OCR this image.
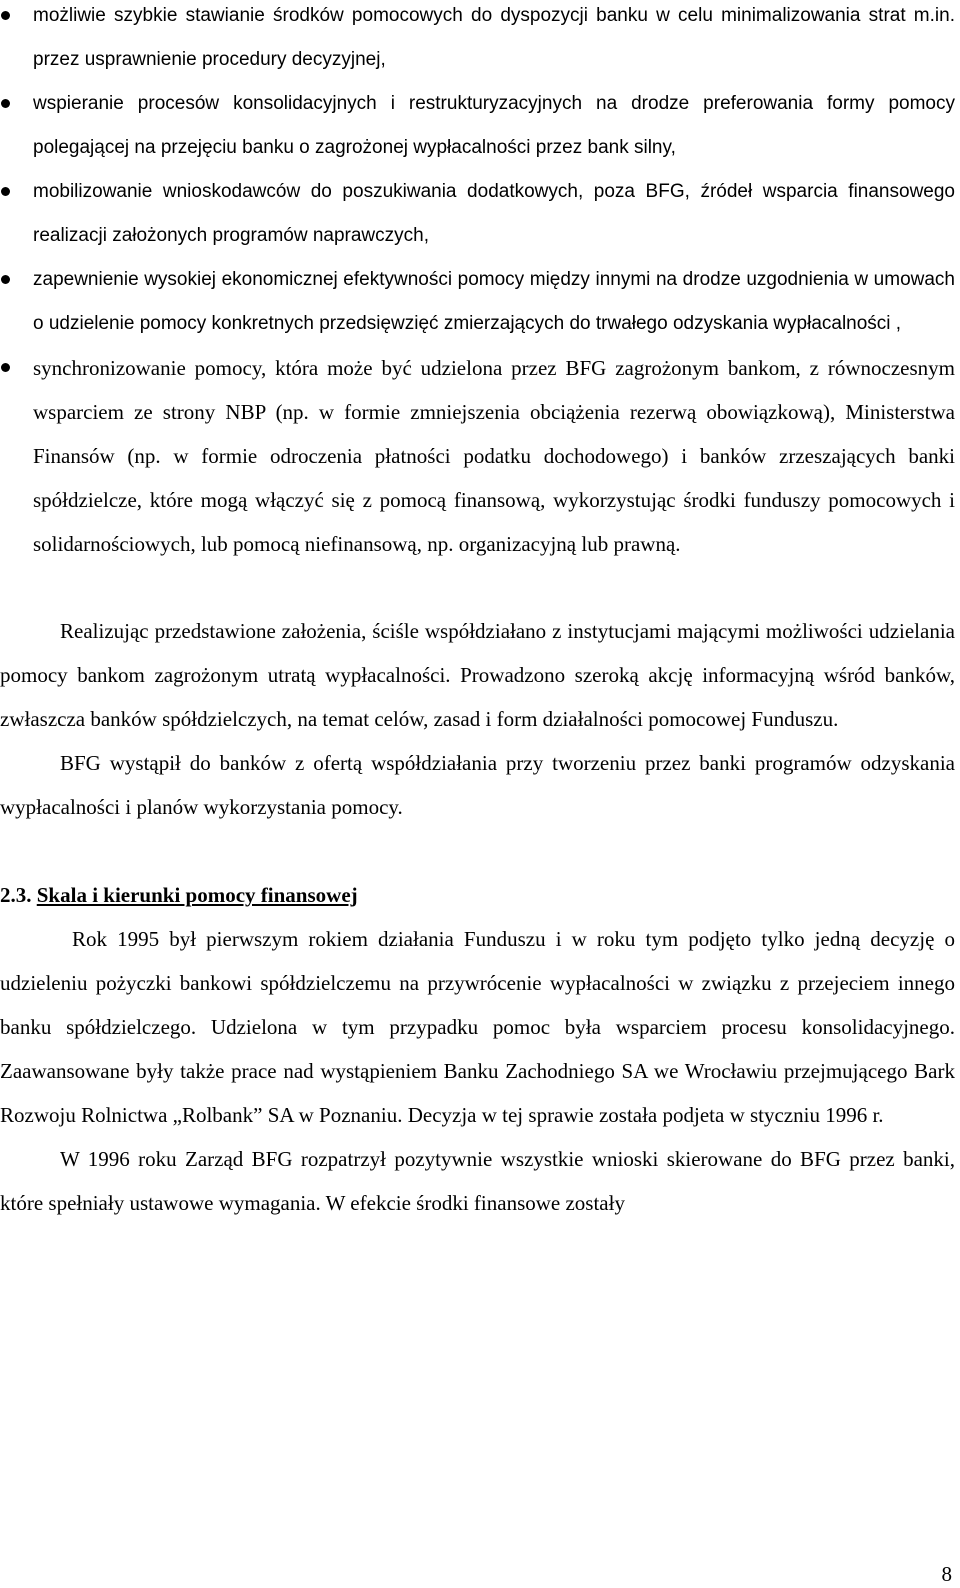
możliwie szybkie stawianie środków pomocowych do dyspozycji banku w celu minimalizowania strat m.in. przez usprawnienie procedury decyzyjnej,
wspieranie procesów konsolidacyjnych i restrukturyzacyjnych na drodze preferowania formy pomocy polegającej na przejęciu banku o zagrożonej wypłacalności przez bank silny,
mobilizowanie wnioskodawców do poszukiwania dodatkowych, poza BFG, źródeł wsparcia finansowego realizacji założonych programów naprawczych,
zapewnienie wysokiej ekonomicznej efektywności pomocy między innymi na drodze uzgodnienia w umowach o udzielenie pomocy konkretnych przedsięwzięć zmierzających do trwałego odzyskania wypłacalności ,
synchronizowanie pomocy, która może być udzielona przez BFG zagrożonym bankom, z równoczesnym wsparciem ze strony NBP (np. w formie zmniejszenia obciążenia rezerwą obowiązkową), Ministerstwa Finansów (np. w formie odroczenia płatności podatku dochodowego) i banków zrzeszających banki spółdzielcze, które mogą włączyć się z pomocą finansową, wykorzystując środki funduszy pomocowych i solidarnościowych, lub pomocą niefinansową, np. organizacyjną lub prawną.

Realizując przedstawione założenia, ściśle współdziałano z instytucjami mającymi możliwości udzielania pomocy bankom zagrożonym utratą wypłacalności. Prowadzono szeroką akcję informacyjną wśród banków, zwłaszcza banków spółdzielczych, na temat celów, zasad i form działalności pomocowej Funduszu.

BFG wystąpił do banków z ofertą współdziałania przy tworzeniu przez banki programów odzyskania wypłacalności i planów wykorzystania pomocy.

2.3. Skala i kierunki pomocy finansowej

Rok 1995 był pierwszym rokiem działania Funduszu i w roku tym podjęto tylko jedną decyzję o udzieleniu pożyczki bankowi spółdzielczemu na przywrócenie wypłacalności w związku z przejeciem innego banku spółdzielczego. Udzielona w tym przypadku pomoc była wsparciem procesu konsolidacyjnego. Zaawansowane były także prace nad wystąpieniem Banku Zachodniego SA we Wrocławiu przejmującego Bark Rozwoju Rolnictwa „Rolbank” SA w Poznaniu. Decyzja w tej sprawie została podjeta w styczniu 1996 r.

W 1996 roku Zarząd BFG rozpatrzył pozytywnie wszystkie wnioski skierowane do BFG przez banki, które spełniały ustawowe wymagania. W efekcie środki finansowe zostały

8
